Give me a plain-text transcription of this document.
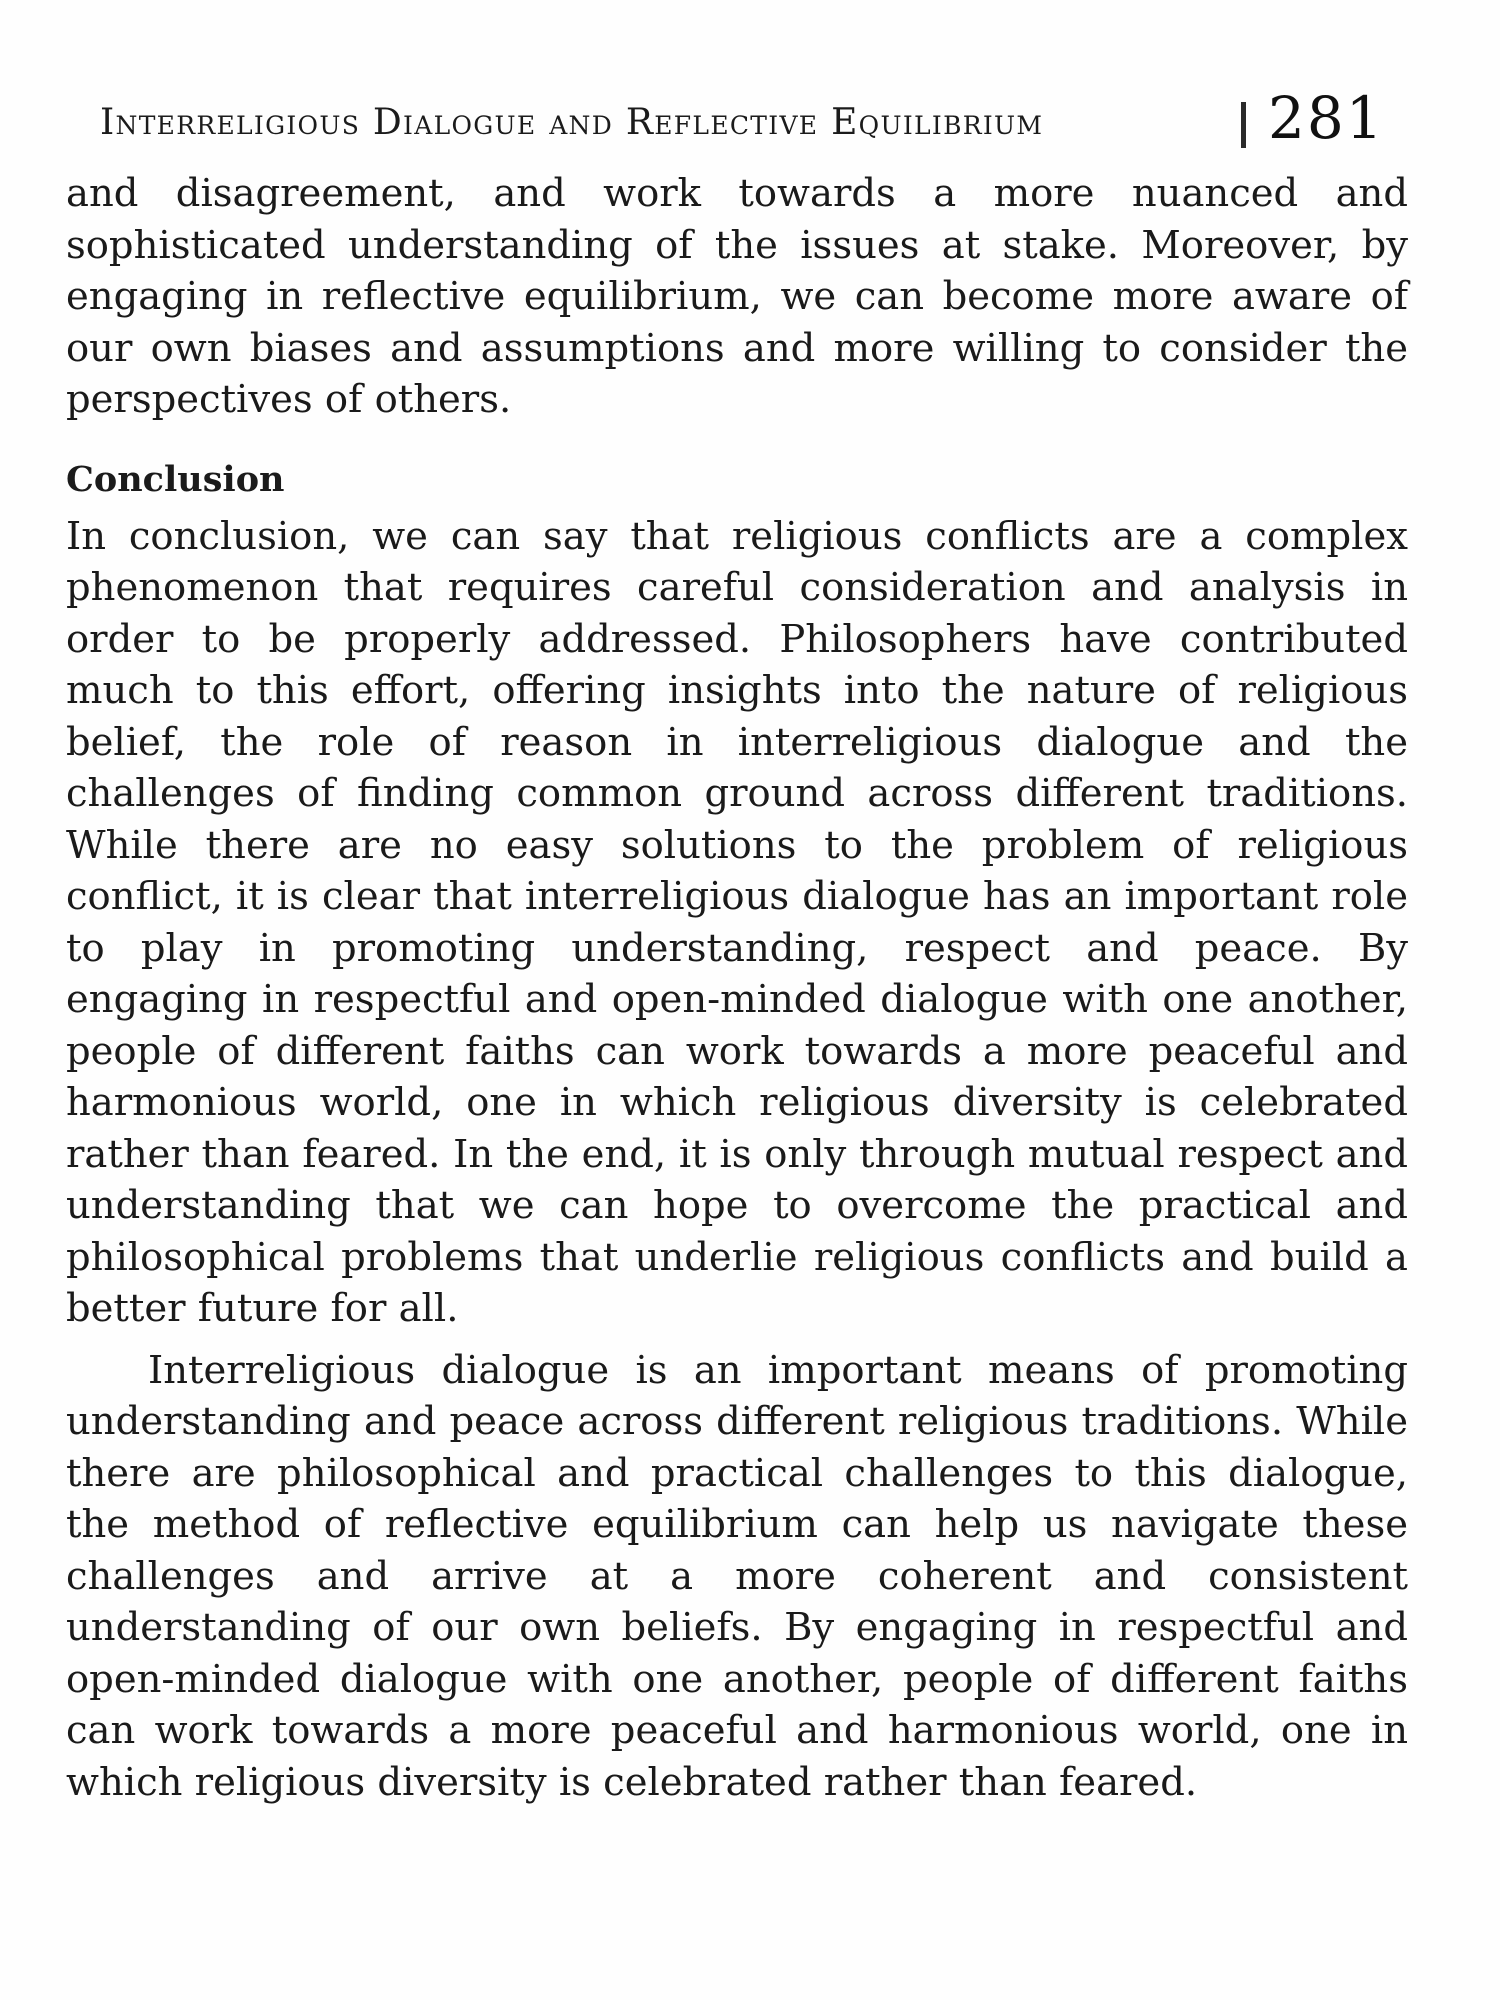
Interreligious Dialogue and Reflective Equilibrium	281

and disagreement, and work towards a more nuanced and sophisticated understanding of the issues at stake. Moreover, by engaging in reflective equilibrium, we can become more aware of our own biases and assumptions and more willing to consider the perspectives of others.

Conclusion

In conclusion, we can say that religious conflicts are a complex phenomenon that requires careful consideration and analysis in order to be properly addressed. Philosophers have contributed much to this effort, offering insights into the nature of religious belief, the role of reason in interreligious dialogue and the challenges of finding common ground across different traditions. While there are no easy solutions to the problem of religious conflict, it is clear that interreligious dialogue has an important role to play in promoting understanding, respect and peace. By engaging in respectful and open-minded dialogue with one another, people of different faiths can work towards a more peaceful and harmonious world, one in which religious diversity is celebrated rather than feared. In the end, it is only through mutual respect and understanding that we can hope to overcome the practical and philosophical problems that underlie religious conflicts and build a better future for all.

Interreligious dialogue is an important means of promoting understanding and peace across different religious traditions. While there are philosophical and practical challenges to this dialogue, the method of reflective equilibrium can help us navigate these challenges and arrive at a more coherent and consistent understanding of our own beliefs. By engaging in respectful and open-minded dialogue with one another, people of different faiths can work towards a more peaceful and harmonious world, one in which religious diversity is celebrated rather than feared.
